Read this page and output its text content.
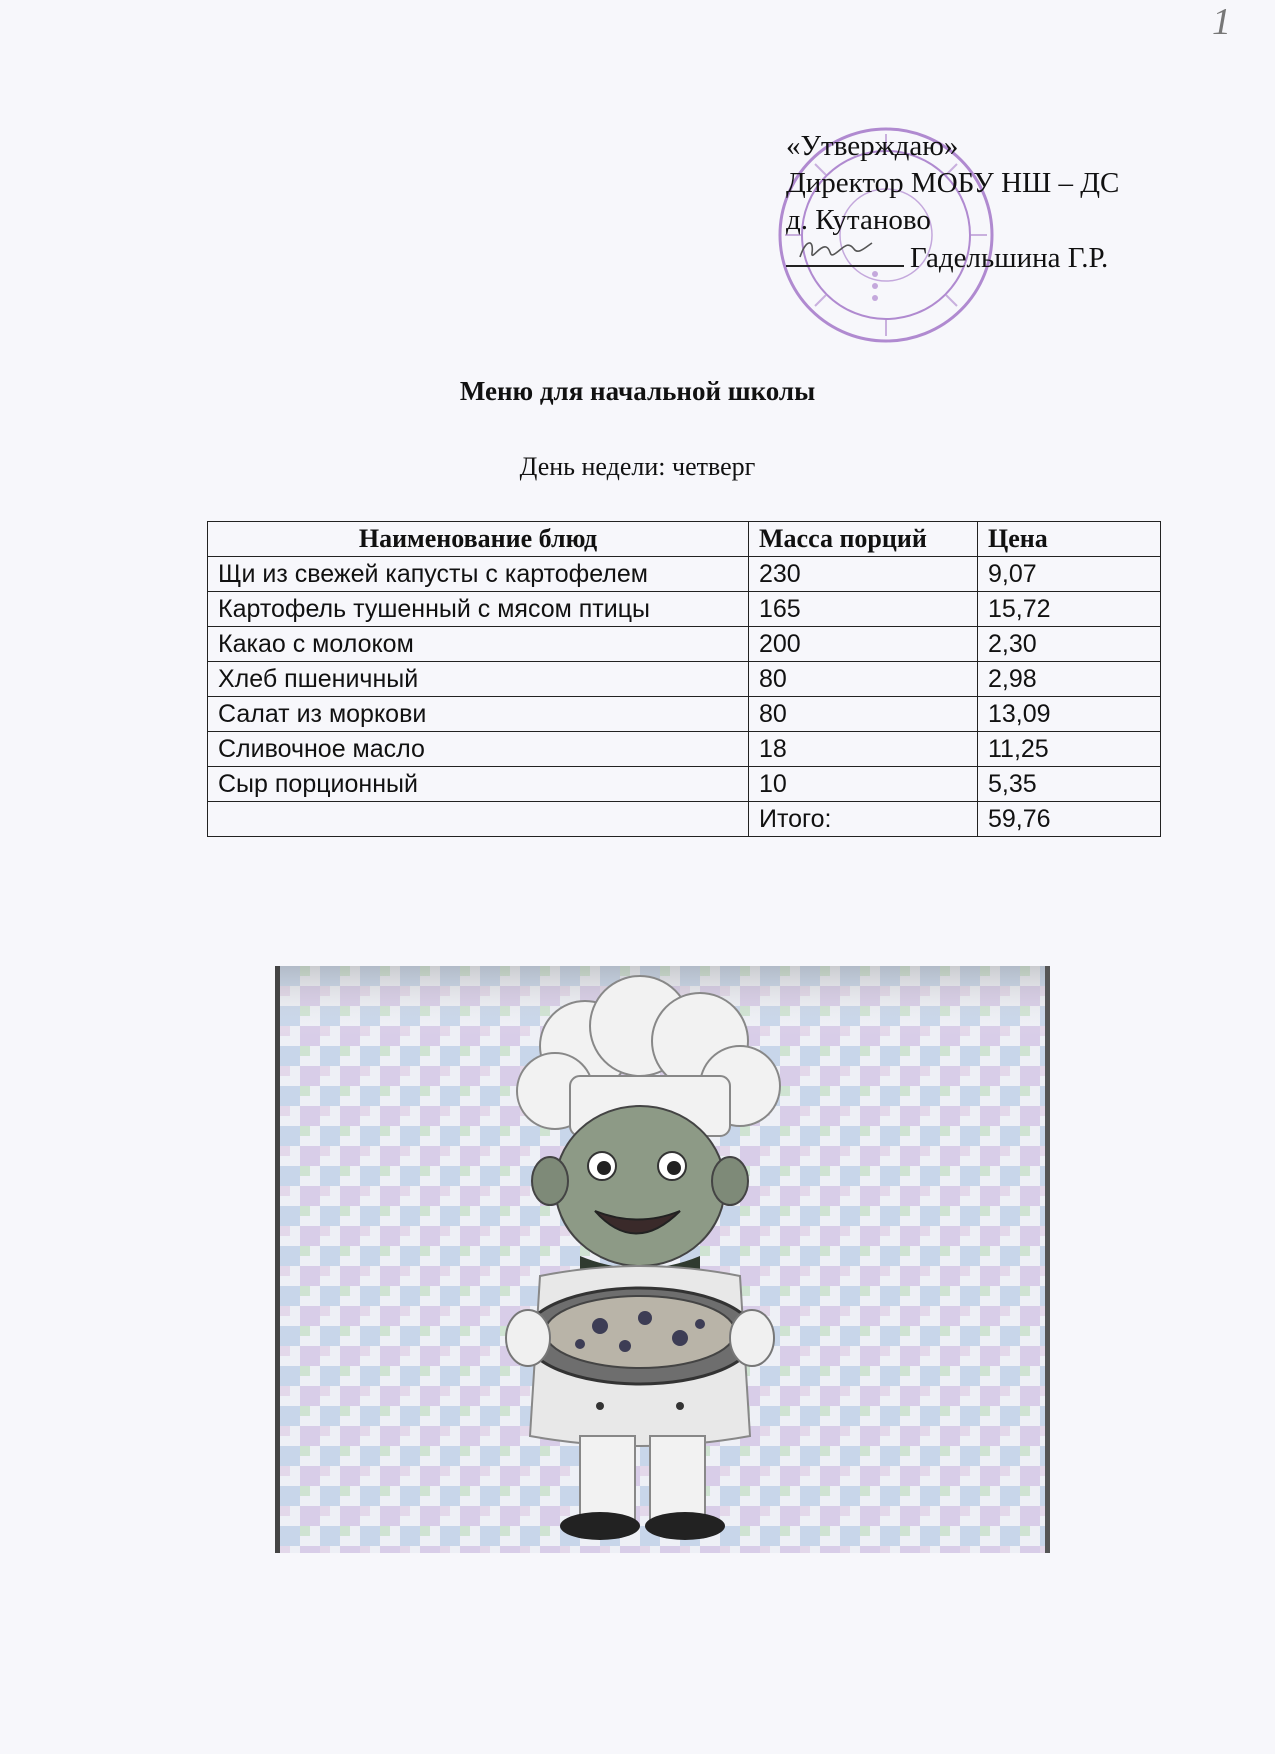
1
«Утверждаю»
Директор МОБУ НШ – ДС
д. Кутаново
Гадельшина Г.Р.
Меню для начальной школы
День недели: четверг
Наименование блюд	Масса порций	Цена
Щи из свежей капусты с картофелем	230	9,07
Картофель тушенный с мясом птицы	165	15,72
Какао с молоком	200	2,30
Хлеб пшеничный	80	2,98
Салат из моркови	80	13,09
Сливочное масло	18	11,25
Сыр порционный	10	5,35
	Итого:	59,76
